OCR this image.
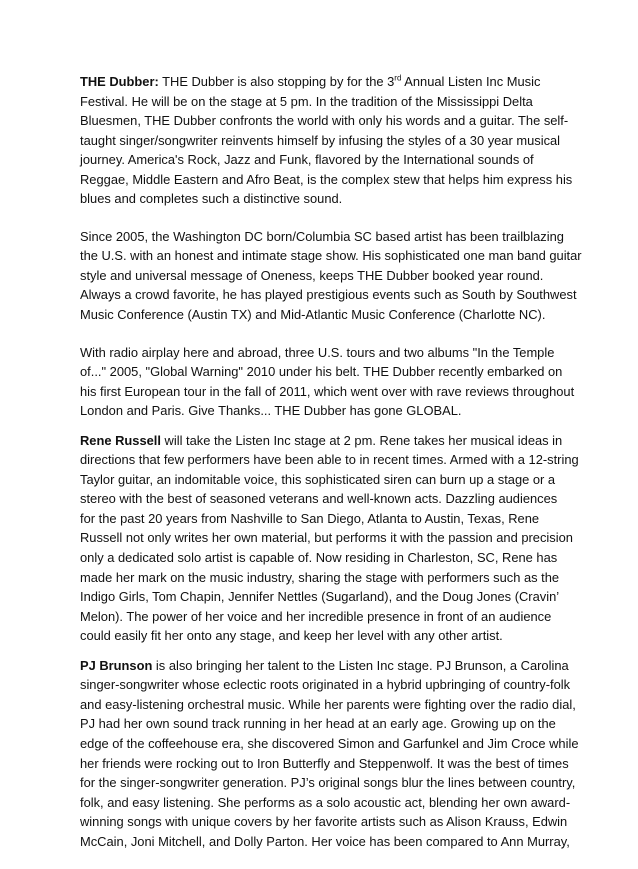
THE Dubber: THE Dubber is also stopping by for the 3rd Annual Listen Inc Music
Festival. He will be on the stage at 5 pm. In the tradition of the Mississippi Delta
Bluesmen, THE Dubber confronts the world with only his words and a guitar. The self-
taught singer/songwriter reinvents himself by infusing the styles of a 30 year musical
journey. America's Rock, Jazz and Funk, flavored by the International sounds of
Reggae, Middle Eastern and Afro Beat, is the complex stew that helps him express his
blues and completes such a distinctive sound.

Since 2005, the Washington DC born/Columbia SC based artist has been trailblazing
the U.S. with an honest and intimate stage show. His sophisticated one man band guitar
style and universal message of Oneness, keeps THE Dubber booked year round.
Always a crowd favorite, he has played prestigious events such as South by Southwest
Music Conference (Austin TX) and Mid-Atlantic Music Conference (Charlotte NC).

With radio airplay here and abroad, three U.S. tours and two albums "In the Temple
of..." 2005, "Global Warning" 2010 under his belt. THE Dubber recently embarked on
his first European tour in the fall of 2011, which went over with rave reviews throughout
London and Paris. Give Thanks... THE Dubber has gone GLOBAL.

Rene Russell will take the Listen Inc stage at 2 pm. Rene takes her musical ideas in
directions that few performers have been able to in recent times. Armed with a 12-string
Taylor guitar, an indomitable voice, this sophisticated siren can burn up a stage or a
stereo with the best of seasoned veterans and well-known acts. Dazzling audiences
for the past 20 years from Nashville to San Diego, Atlanta to Austin, Texas, Rene
Russell not only writes her own material, but performs it with the passion and precision
only a dedicated solo artist is capable of. Now residing in Charleston, SC, Rene has
made her mark on the music industry, sharing the stage with performers such as the
Indigo Girls, Tom Chapin, Jennifer Nettles (Sugarland), and the Doug Jones (Cravin’
Melon). The power of her voice and her incredible presence in front of an audience
could easily fit her onto any stage, and keep her level with any other artist.

PJ Brunson is also bringing her talent to the Listen Inc stage. PJ Brunson, a Carolina
singer-songwriter whose eclectic roots originated in a hybrid upbringing of country-folk
and easy-listening orchestral music. While her parents were fighting over the radio dial,
PJ had her own sound track running in her head at an early age. Growing up on the
edge of the coffeehouse era, she discovered Simon and Garfunkel and Jim Croce while
her friends were rocking out to Iron Butterfly and Steppenwolf. It was the best of times
for the singer-songwriter generation. PJ’s original songs blur the lines between country,
folk, and easy listening. She performs as a solo acoustic act, blending her own award-
winning songs with unique covers by her favorite artists such as Alison Krauss, Edwin
McCain, Joni Mitchell, and Dolly Parton. Her voice has been compared to Ann Murray,
